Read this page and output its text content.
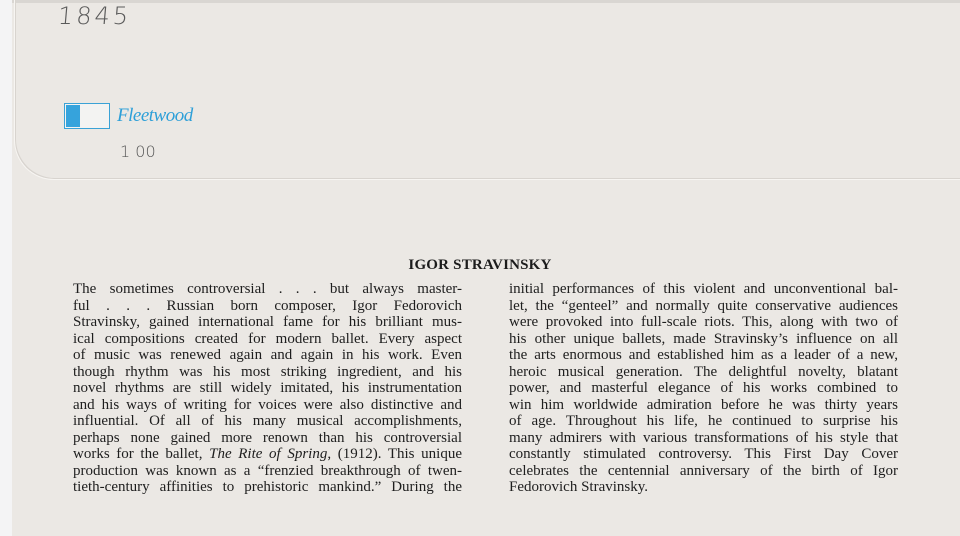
1845
1 00
Fleetwood
IGOR STRAVINSKY
The sometimes controversial . . . but always master-
ful . . . Russian born composer, Igor Fedorovich
Stravinsky, gained international fame for his brilliant mus-
ical compositions created for modern ballet. Every aspect
of music was renewed again and again in his work. Even
though rhythm was his most striking ingredient, and his
novel rhythms are still widely imitated, his instrumentation
and his ways of writing for voices were also distinctive and
influential. Of all of his many musical accomplishments,
perhaps none gained more renown than his controversial
works for the ballet, The Rite of Spring, (1912). This unique
production was known as a “frenzied breakthrough of twen-
tieth-century affinities to prehistoric mankind.” During the
initial performances of this violent and unconventional bal-
let, the “genteel” and normally quite conservative audiences
were provoked into full-scale riots. This, along with two of
his other unique ballets, made Stravinsky’s influence on all
the arts enormous and established him as a leader of a new,
heroic musical generation. The delightful novelty, blatant
power, and masterful elegance of his works combined to
win him worldwide admiration before he was thirty years
of age. Throughout his life, he continued to surprise his
many admirers with various transformations of his style that
constantly stimulated controversy. This First Day Cover
celebrates the centennial anniversary of the birth of Igor
Fedorovich Stravinsky.
